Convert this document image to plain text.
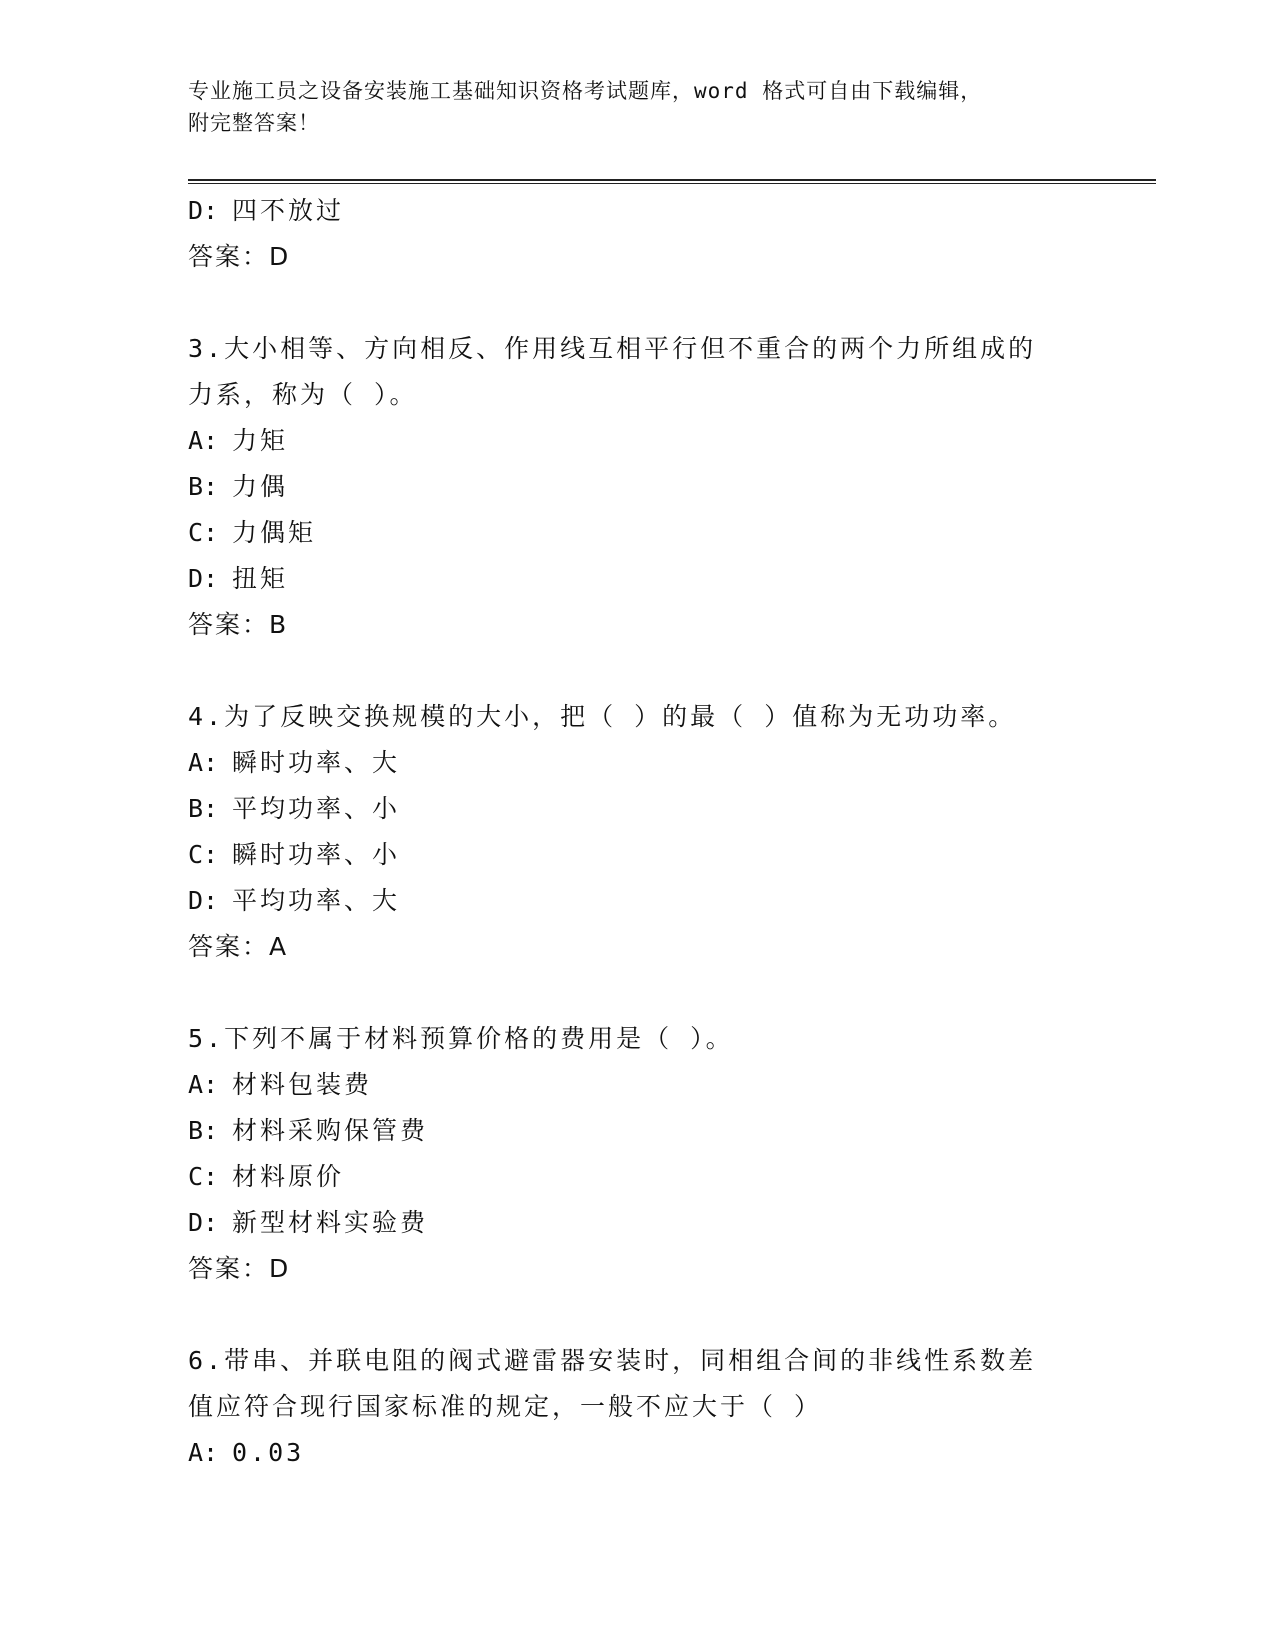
专业施工员之设备安装施工基础知识资格考试题库，word 格式可自由下载编辑，
附完整答案！
D: 四不放过
答案：D
3.大小相等、方向相反、作用线互相平行但不重合的两个力所组成的
力系，称为（ ）。
A: 力矩
B: 力偶
C: 力偶矩
D: 扭矩
答案：B
4.为了反映交换规模的大小，把（ ）的最（ ）值称为无功功率。
A: 瞬时功率、大
B: 平均功率、小
C: 瞬时功率、小
D: 平均功率、大
答案：A
5.下列不属于材料预算价格的费用是（ ）。
A: 材料包装费
B: 材料采购保管费
C: 材料原价
D: 新型材料实验费
答案：D
6.带串、并联电阻的阀式避雷器安装时，同相组合间的非线性系数差
值应符合现行国家标准的规定，一般不应大于（ ）
A: 0.03
